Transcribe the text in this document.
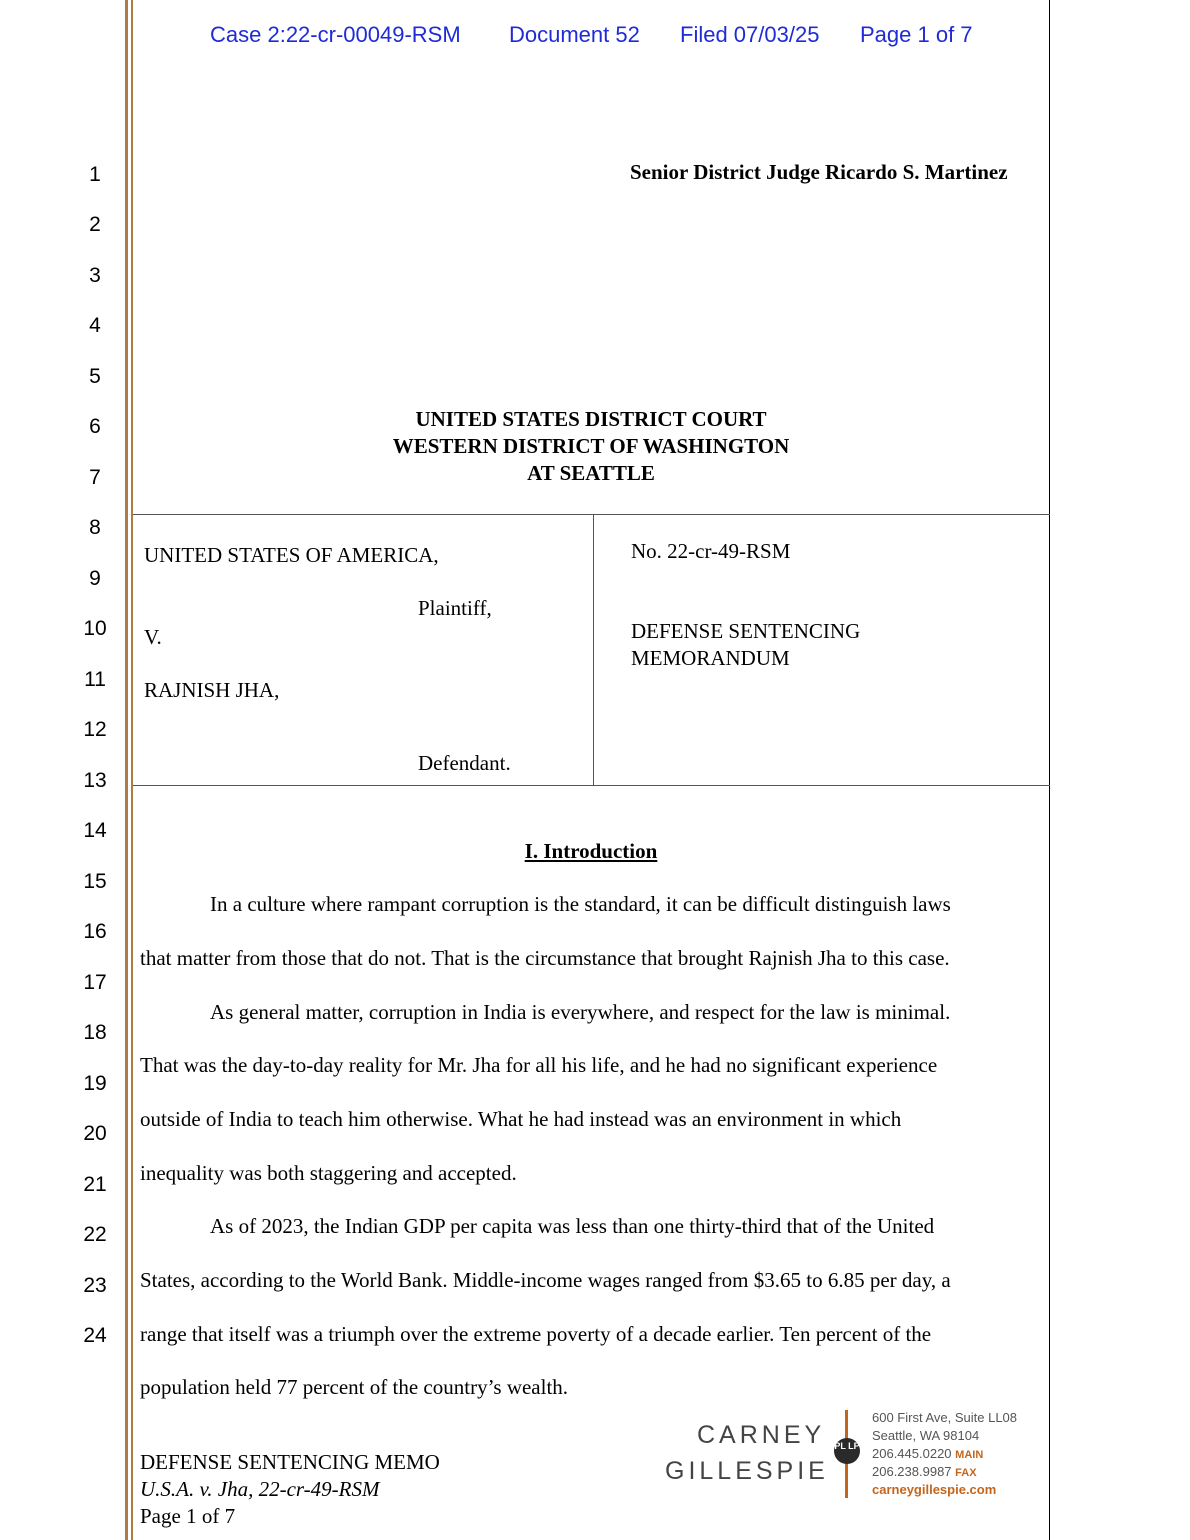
Case 2:22-cr-00049-RSM Document 52 Filed 07/03/25 Page 1 of 7
1
2
3
4
5
6
7
8
9
10
11
12
13
14
15
16
17
18
19
20
21
22
23
24
Senior District Judge Ricardo S. Martinez
UNITED STATES DISTRICT COURT
WESTERN DISTRICT OF WASHINGTON
AT SEATTLE
UNITED STATES OF AMERICA,
Plaintiff,
V.
RAJNISH JHA,
Defendant.
No. 22-cr-49-RSM
DEFENSE SENTENCING
MEMORANDUM
I. Introduction
In a culture where rampant corruption is the standard, it can be difficult distinguish laws
that matter from those that do not. That is the circumstance that brought Rajnish Jha to this case.
As general matter, corruption in India is everywhere, and respect for the law is minimal.
That was the day-to-day reality for Mr. Jha for all his life, and he had no significant experience
outside of India to teach him otherwise. What he had instead was an environment in which
inequality was both staggering and accepted.
As of 2023, the Indian GDP per capita was less than one thirty-third that of the United
States, according to the World Bank. Middle-income wages ranged from $3.65 to 6.85 per day, a
range that itself was a triumph over the extreme poverty of a decade earlier. Ten percent of the
population held 77 percent of the country’s wealth.
DEFENSE SENTENCING MEMO
U.S.A. v. Jha, 22-cr-49-RSM
Page 1 of 7
CARNEY
GILLESPIE
PL LP
600 First Ave, Suite LL08
Seattle, WA 98104
206.445.0220 MAIN
206.238.9987 FAX
carneygillespie.com
